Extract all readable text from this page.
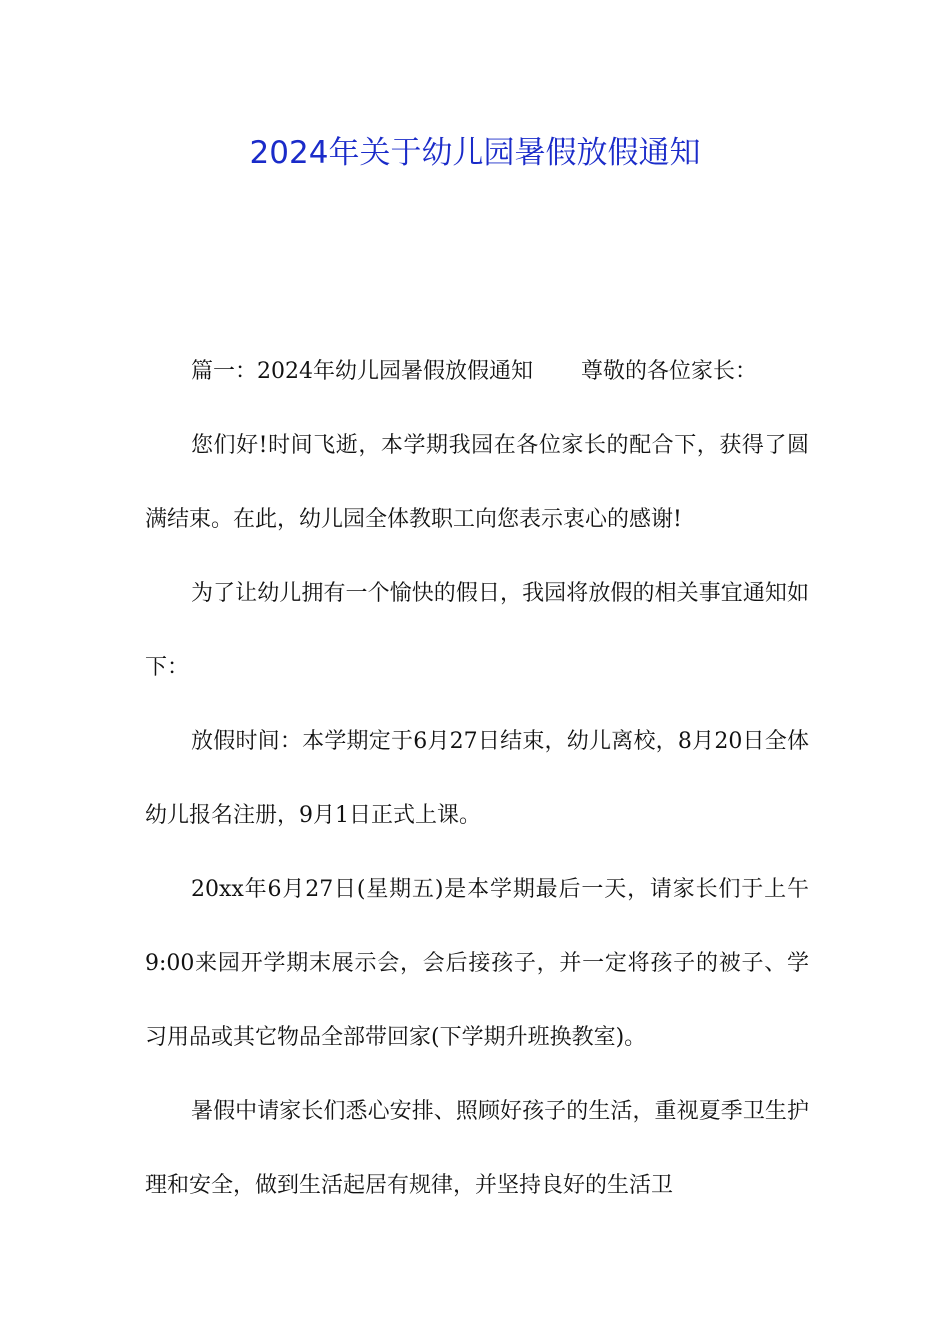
2024年关于幼儿园暑假放假通知

篇一：2024年幼儿园暑假放假通知 尊敬的各位家长：

您们好!时间飞逝，本学期我园在各位家长的配合下，获得了圆满结束。在此，幼儿园全体教职工向您表示衷心的感谢!

为了让幼儿拥有一个愉快的假日，我园将放假的相关事宜通知如下：

放假时间：本学期定于6月27日结束，幼儿离校，8月20日全体幼儿报名注册，9月1日正式上课。

20xx年6月27日(星期五)是本学期最后一天，请家长们于上午9:00来园开学期末展示会，会后接孩子，并一定将孩子的被子、学习用品或其它物品全部带回家(下学期升班换教室)。

暑假中请家长们悉心安排、照顾好孩子的生活，重视夏季卫生护理和安全，做到生活起居有规律，并坚持良好的生活卫
